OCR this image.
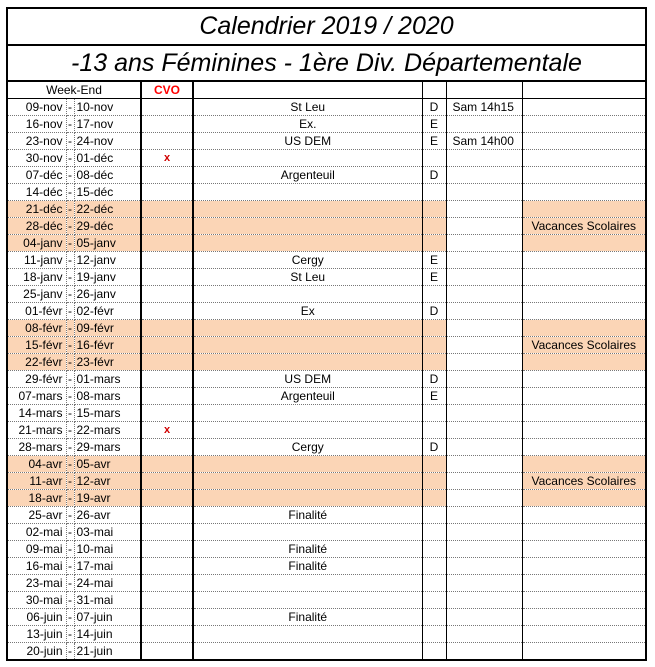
Calendrier 2019 / 2020
-13 ans Féminines - 1ère Div. Départementale
Week-End			CVO				
09-nov	-	10-nov		St Leu	D	Sam 14h15	
16-nov	-	17-nov		Ex.	E		
23-nov	-	24-nov		US DEM	E	Sam 14h00	
30-nov	-	01-déc	x				
07-déc	-	08-déc		Argenteuil	D		
14-déc	-	15-déc					
21-déc	-	22-déc					
28-déc	-	29-déc					Vacances Scolaires
04-janv	-	05-janv					
11-janv	-	12-janv		Cergy	E		
18-janv	-	19-janv		St Leu	E		
25-janv	-	26-janv					
01-févr	-	02-févr		Ex	D		
08-févr	-	09-févr					
15-févr	-	16-févr					Vacances Scolaires
22-févr	-	23-févr					
29-févr	-	01-mars		US DEM	D		
07-mars	-	08-mars		Argenteuil	E		
14-mars	-	15-mars					
21-mars	-	22-mars	x				
28-mars	-	29-mars		Cergy	D		
04-avr	-	05-avr					
11-avr	-	12-avr					Vacances Scolaires
18-avr	-	19-avr					
25-avr	-	26-avr		Finalité			
02-mai	-	03-mai					
09-mai	-	10-mai		Finalité			
16-mai	-	17-mai		Finalité			
23-mai	-	24-mai					
30-mai	-	31-mai					
06-juin	-	07-juin		Finalité			
13-juin	-	14-juin					
20-juin	-	21-juin					
